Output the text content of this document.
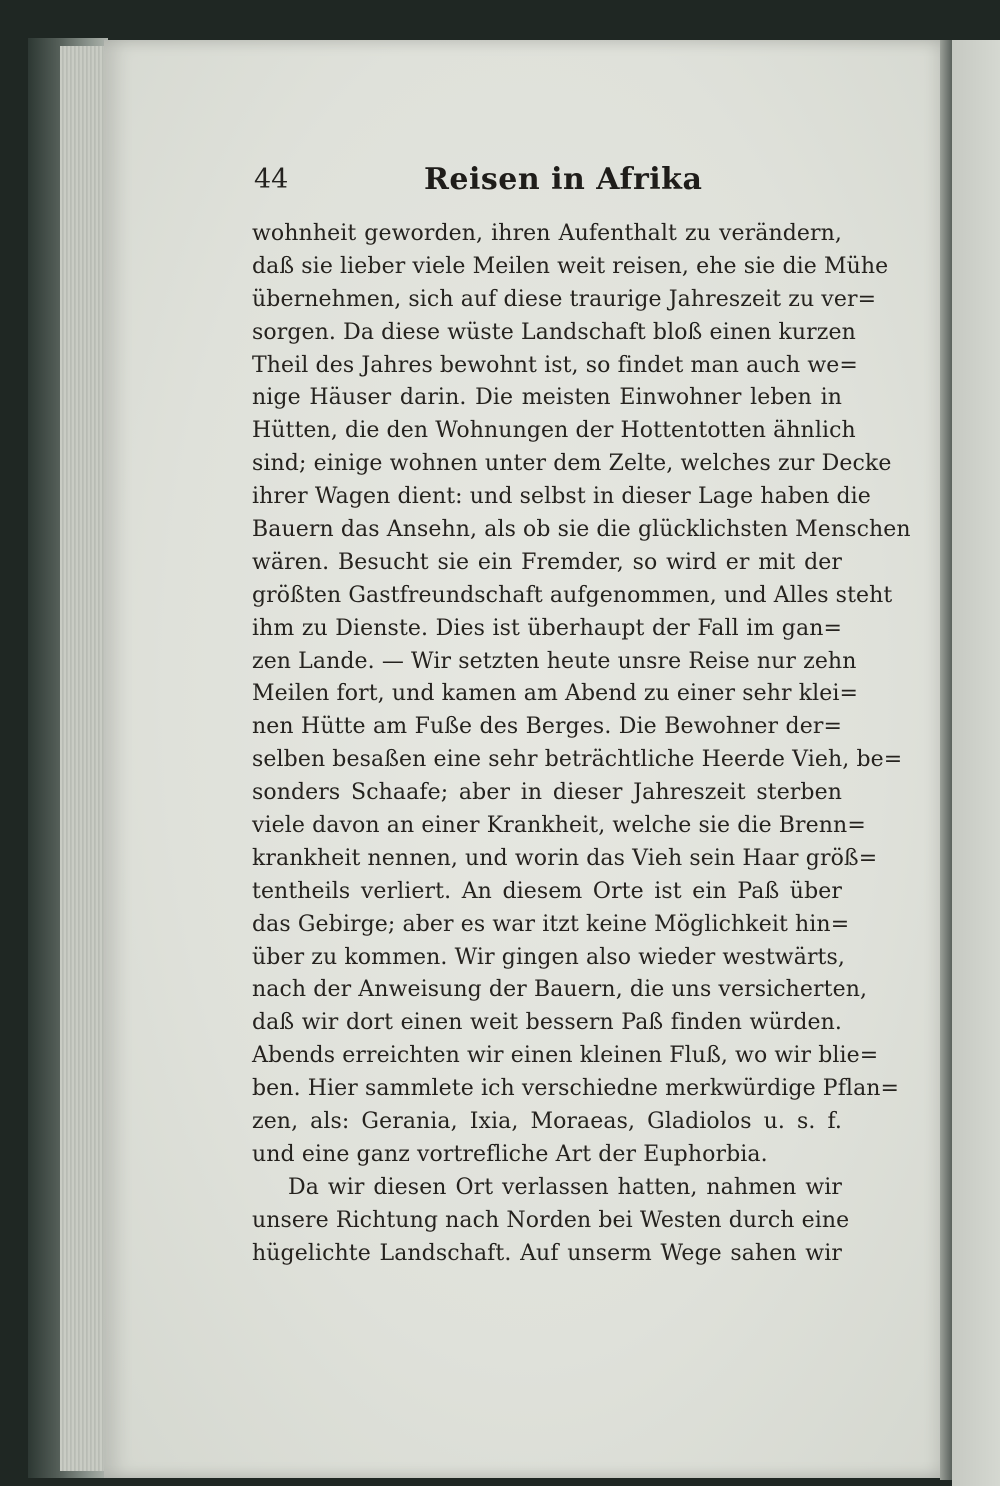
44	Reisen in Afrika
wohnheit geworden, ihren Aufenthalt zu verändern,
daß sie lieber viele Meilen weit reisen, ehe sie die Mühe
übernehmen, sich auf diese traurige Jahreszeit zu ver=
sorgen. Da diese wüste Landschaft bloß einen kurzen
Theil des Jahres bewohnt ist, so findet man auch we=
nige Häuser darin. Die meisten Einwohner leben in
Hütten, die den Wohnungen der Hottentotten ähnlich
sind; einige wohnen unter dem Zelte, welches zur Decke
ihrer Wagen dient: und selbst in dieser Lage haben die
Bauern das Ansehn, als ob sie die glücklichsten Menschen
wären. Besucht sie ein Fremder, so wird er mit der
größten Gastfreundschaft aufgenommen, und Alles steht
ihm zu Dienste. Dies ist überhaupt der Fall im gan=
zen Lande. — Wir setzten heute unsre Reise nur zehn
Meilen fort, und kamen am Abend zu einer sehr klei=
nen Hütte am Fuße des Berges. Die Bewohner der=
selben besaßen eine sehr beträchtliche Heerde Vieh, be=
sonders Schaafe; aber in dieser Jahreszeit sterben
viele davon an einer Krankheit, welche sie die Brenn=
krankheit nennen, und worin das Vieh sein Haar größ=
tentheils verliert. An diesem Orte ist ein Paß über
das Gebirge; aber es war itzt keine Möglichkeit hin=
über zu kommen. Wir gingen also wieder westwärts,
nach der Anweisung der Bauern, die uns versicherten,
daß wir dort einen weit bessern Paß finden würden.
Abends erreichten wir einen kleinen Fluß, wo wir blie=
ben. Hier sammlete ich verschiedne merkwürdige Pflan=
zen, als: Gerania, Ixia, Moraeas, Gladiolos u. s. f.
und eine ganz vortrefliche Art der Euphorbia.
Da wir diesen Ort verlassen hatten, nahmen wir
unsere Richtung nach Norden bei Westen durch eine
hügelichte Landschaft. Auf unserm Wege sahen wir
